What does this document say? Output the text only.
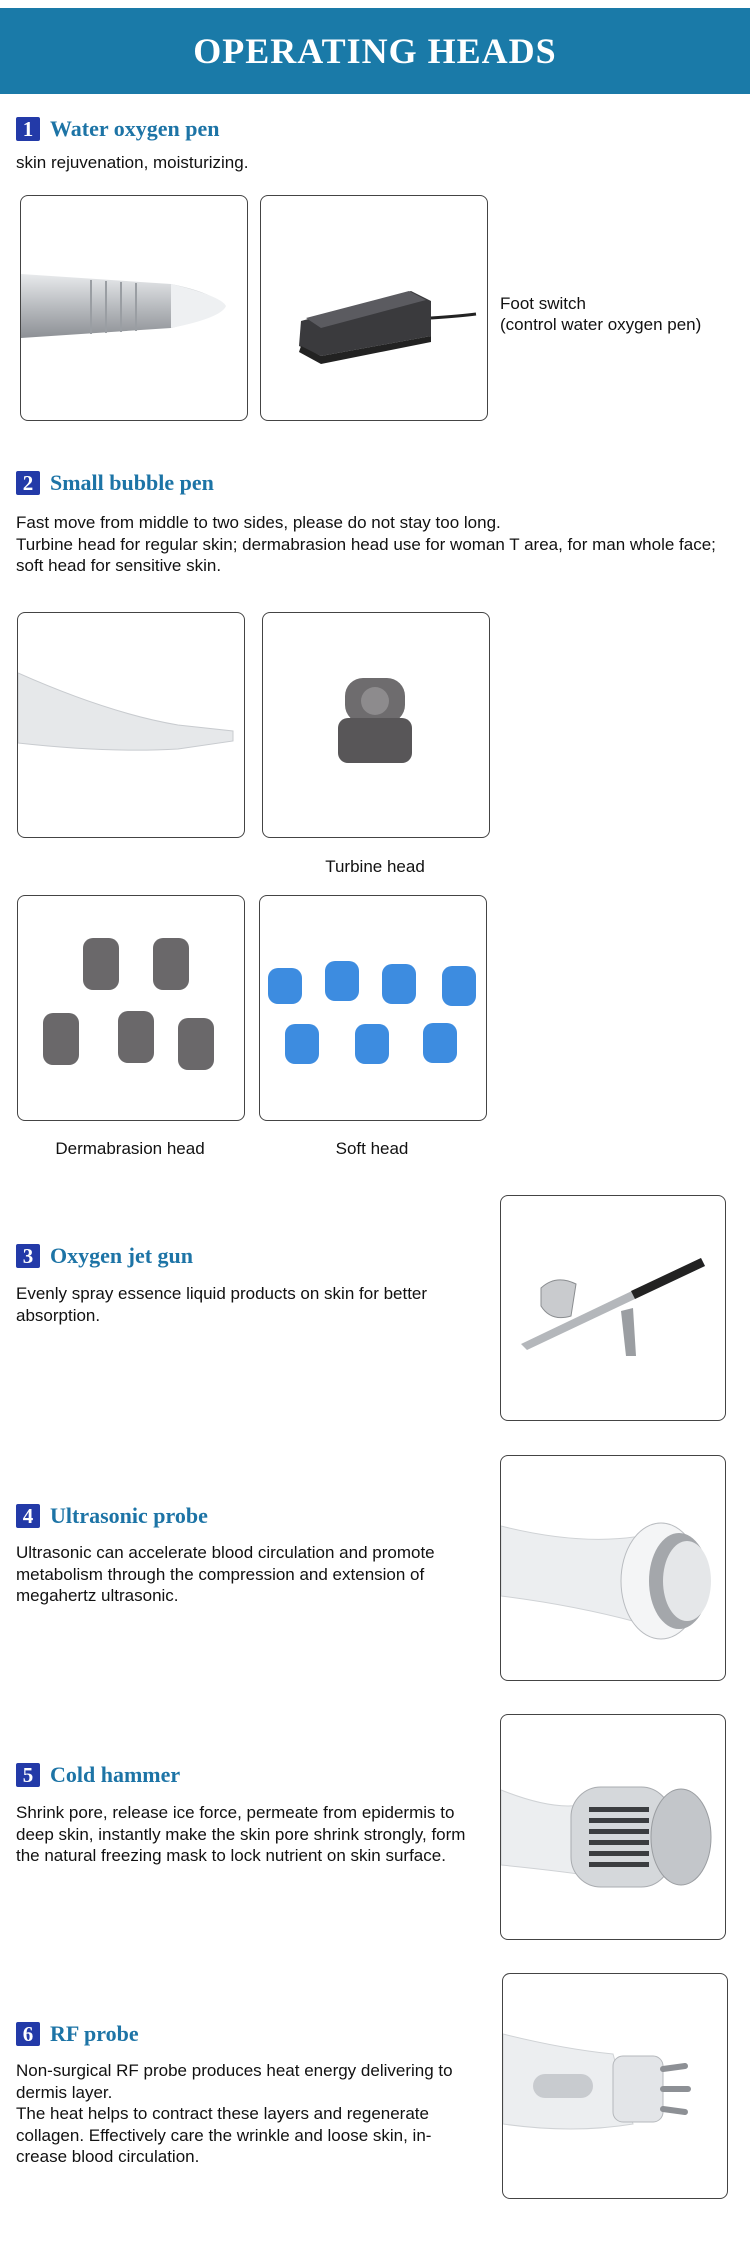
OPERATING HEADS
1 Water oxygen pen
skin rejuvenation, moisturizing.
Foot switch
(control water oxygen pen)
2 Small bubble pen
Fast move from middle to two sides, please do not stay too long.
Turbine head for regular skin; dermabrasion head use for woman T area, for man whole face; soft head for sensitive skin.
Turbine head
Dermabrasion head	Soft head
3 Oxygen jet gun
Evenly spray essence liquid products on skin for better absorption.
4 Ultrasonic probe
Ultrasonic can accelerate blood circulation and promote metabolism through the compression and extension of megahertz ultrasonic.
5 Cold hammer
Shrink pore, release ice force, permeate from epidermis to deep skin, instantly make the skin pore shrink strongly, form the natural freezing mask to lock nutrient on skin surface.
6 RF probe
Non-surgical RF probe produces heat energy delivering to dermis layer.
The heat helps to contract these layers and regenerate collagen. Effectively care the wrinkle and loose skin, in-crease blood circulation.
